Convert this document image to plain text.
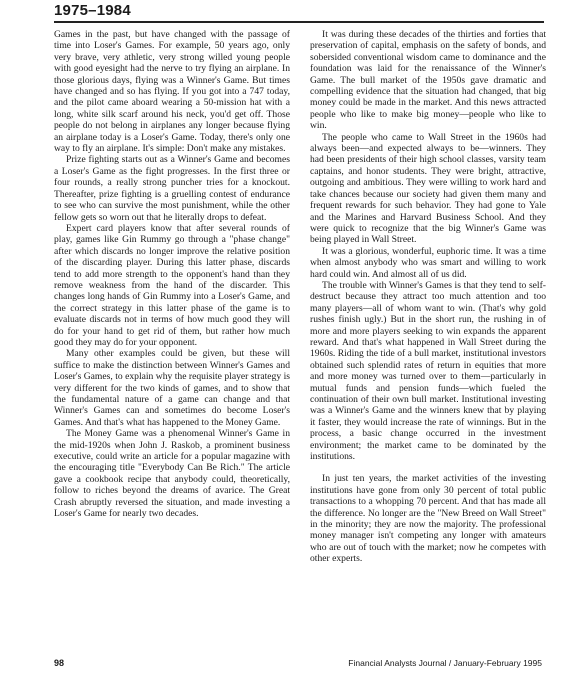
1975–1984

Games in the past, but have changed with the passage of time into Loser's Games. For example, 50 years ago, only very brave, very athletic, very strong willed young people with good eyesight had the nerve to try flying an airplane. In those glorious days, flying was a Winner's Game. But times have changed and so has flying. If you got into a 747 today, and the pilot came aboard wearing a 50-mission hat with a long, white silk scarf around his neck, you'd get off. Those people do not belong in airplanes any longer because flying an airplane today is a Loser's Game. Today, there's only one way to fly an airplane. It's simple: Don't make any mistakes.

Prize fighting starts out as a Winner's Game and becomes a Loser's Game as the fight progresses. In the first three or four rounds, a really strong puncher tries for a knockout. Thereafter, prize fighting is a gruelling contest of endurance to see who can survive the most punishment, while the other fellow gets so worn out that he literally drops to defeat.

Expert card players know that after several rounds of play, games like Gin Rummy go through a "phase change" after which discards no longer improve the relative position of the discarding player. During this latter phase, discards tend to add more strength to the opponent's hand than they remove weakness from the hand of the discarder. This changes long hands of Gin Rummy into a Loser's Game, and the correct strategy in this latter phase of the game is to evaluate discards not in terms of how much good they will do for your hand to get rid of them, but rather how much good they may do for your opponent.

Many other examples could be given, but these will suffice to make the distinction between Winner's Games and Loser's Games, to explain why the requisite player strategy is very different for the two kinds of games, and to show that the fundamental nature of a game can change and that Winner's Games can and sometimes do become Loser's Games. And that's what has happened to the Money Game.

The Money Game was a phenomenal Winner's Game in the mid-1920s when John J. Raskob, a prominent business executive, could write an article for a popular magazine with the encouraging title "Everybody Can Be Rich." The article gave a cookbook recipe that anybody could, theoretically, follow to riches beyond the dreams of avarice. The Great Crash abruptly reversed the situation, and made investing a Loser's Game for nearly two decades.

It was during these decades of the thirties and forties that preservation of capital, emphasis on the safety of bonds, and sobersided conventional wisdom came to dominance and the foundation was laid for the renaissance of the Winner's Game. The bull market of the 1950s gave dramatic and compelling evidence that the situation had changed, that big money could be made in the market. And this news attracted people who like to make big money—people who like to win.

The people who came to Wall Street in the 1960s had always been—and expected always to be—winners. They had been presidents of their high school classes, varsity team captains, and honor students. They were bright, attractive, outgoing and ambitious. They were willing to work hard and take chances because our society had given them many and frequent rewards for such behavior. They had gone to Yale and the Marines and Harvard Business School. And they were quick to recognize that the big Winner's Game was being played in Wall Street.

It was a glorious, wonderful, euphoric time. It was a time when almost anybody who was smart and willing to work hard could win. And almost all of us did.

The trouble with Winner's Games is that they tend to self-destruct because they attract too much attention and too many players—all of whom want to win. (That's why gold rushes finish ugly.) But in the short run, the rushing in of more and more players seeking to win expands the apparent reward. And that's what happened in Wall Street during the 1960s. Riding the tide of a bull market, institutional investors obtained such splendid rates of return in equities that more and more money was turned over to them—particularly in mutual funds and pension funds—which fueled the continuation of their own bull market. Institutional investing was a Winner's Game and the winners knew that by playing it faster, they would increase the rate of winnings. But in the process, a basic change occurred in the investment environment; the market came to be dominated by the institutions.

In just ten years, the market activities of the investing institutions have gone from only 30 percent of total public transactions to a whopping 70 percent. And that has made all the difference. No longer are the "New Breed on Wall Street" in the minority; they are now the majority. The professional money manager isn't competing any longer with amateurs who are out of touch with the market; now he competes with other experts.

98	Financial Analysts Journal / January-February 1995
